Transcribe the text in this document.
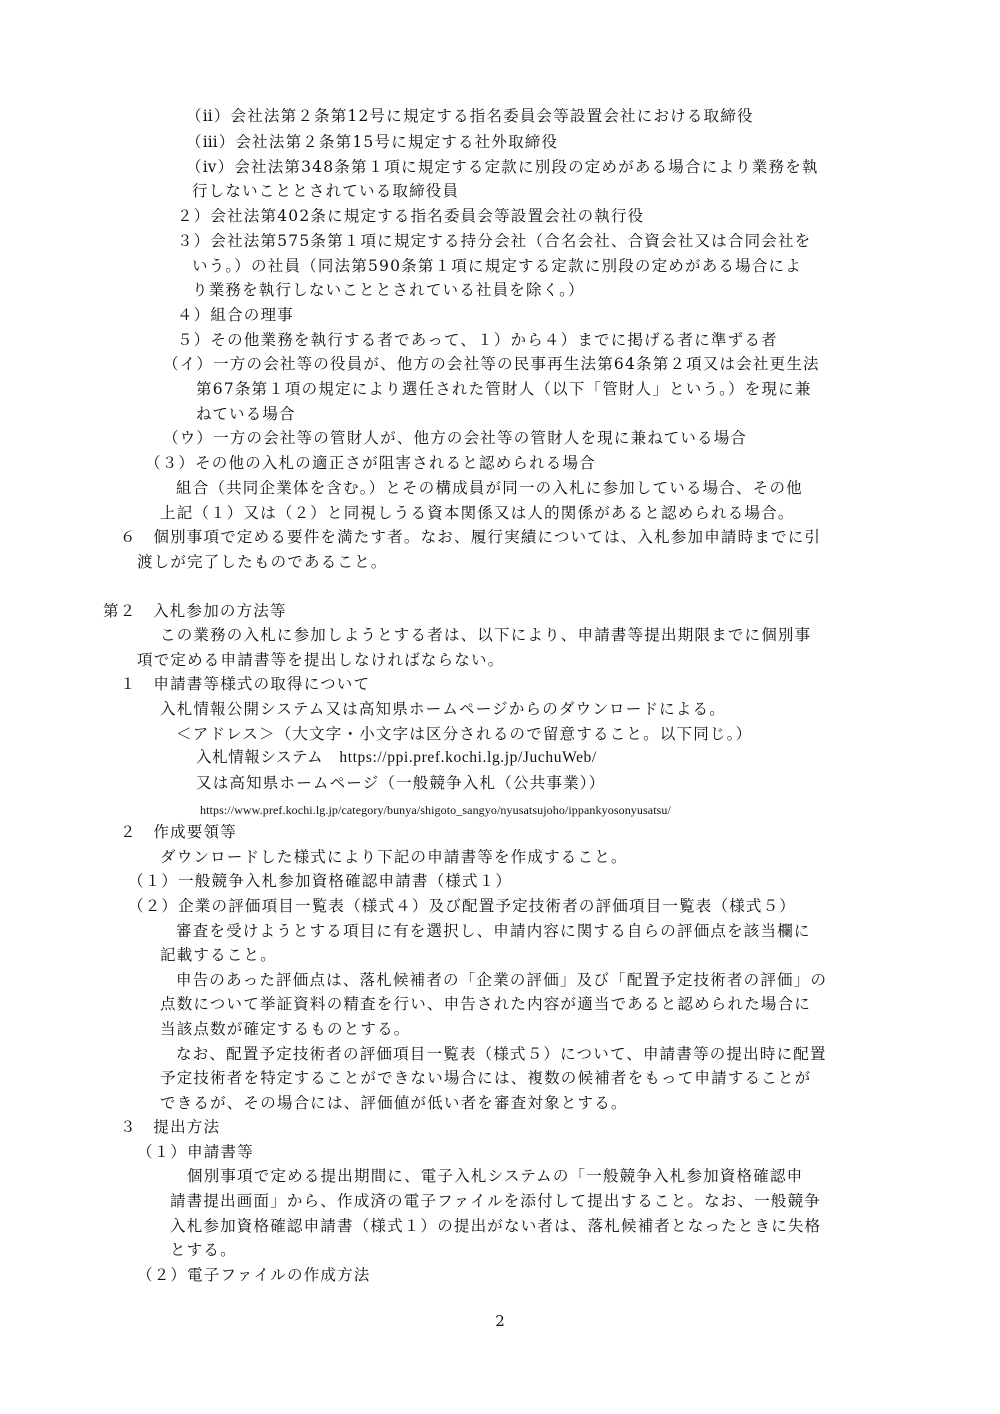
（ⅱ）会社法第２条第12号に規定する指名委員会等設置会社における取締役
（ⅲ）会社法第２条第15号に規定する社外取締役
（ⅳ）会社法第348条第１項に規定する定款に別段の定めがある場合により業務を執
行しないこととされている取締役員
２）会社法第402条に規定する指名委員会等設置会社の執行役
３）会社法第575条第１項に規定する持分会社（合名会社、合資会社又は合同会社を
いう。）の社員（同法第590条第１項に規定する定款に別段の定めがある場合によ
り業務を執行しないこととされている社員を除く。）
４）組合の理事
５）その他業務を執行する者であって、１）から４）までに掲げる者に準ずる者
（イ）一方の会社等の役員が、他方の会社等の民事再生法第64条第２項又は会社更生法
第67条第１項の規定により選任された管財人（以下「管財人」という。）を現に兼
ねている場合
（ウ）一方の会社等の管財人が、他方の会社等の管財人を現に兼ねている場合
（３）その他の入札の適正さが阻害されると認められる場合
組合（共同企業体を含む。）とその構成員が同一の入札に参加している場合、その他
上記（１）又は（２）と同視しうる資本関係又は人的関係があると認められる場合。
６　個別事項で定める要件を満たす者。なお、履行実績については、入札参加申請時までに引
渡しが完了したものであること。
第２　入札参加の方法等
この業務の入札に参加しようとする者は、以下により、申請書等提出期限までに個別事
項で定める申請書等を提出しなければならない。
１　申請書等様式の取得について
入札情報公開システム又は高知県ホームページからのダウンロードによる。
＜アドレス＞（大文字・小文字は区分されるので留意すること。以下同じ。）
入札情報システム　https://ppi.pref.kochi.lg.jp/JuchuWeb/
又は高知県ホームページ（一般競争入札（公共事業））
https://www.pref.kochi.lg.jp/category/bunya/shigoto_sangyo/nyusatsujoho/ippankyosonyusatsu/
２　作成要領等
ダウンロードした様式により下記の申請書等を作成すること。
（１）一般競争入札参加資格確認申請書（様式１）
（２）企業の評価項目一覧表（様式４）及び配置予定技術者の評価項目一覧表（様式５）
審査を受けようとする項目に有を選択し、申請内容に関する自らの評価点を該当欄に
記載すること。
申告のあった評価点は、落札候補者の「企業の評価」及び「配置予定技術者の評価」の
点数について挙証資料の精査を行い、申告された内容が適当であると認められた場合に
当該点数が確定するものとする。
なお、配置予定技術者の評価項目一覧表（様式５）について、申請書等の提出時に配置
予定技術者を特定することができない場合には、複数の候補者をもって申請することが
できるが、その場合には、評価値が低い者を審査対象とする。
３　提出方法
（１）申請書等
個別事項で定める提出期間に、電子入札システムの「一般競争入札参加資格確認申
請書提出画面」から、作成済の電子ファイルを添付して提出すること。なお、一般競争
入札参加資格確認申請書（様式１）の提出がない者は、落札候補者となったときに失格
とする。
（２）電子ファイルの作成方法
2
